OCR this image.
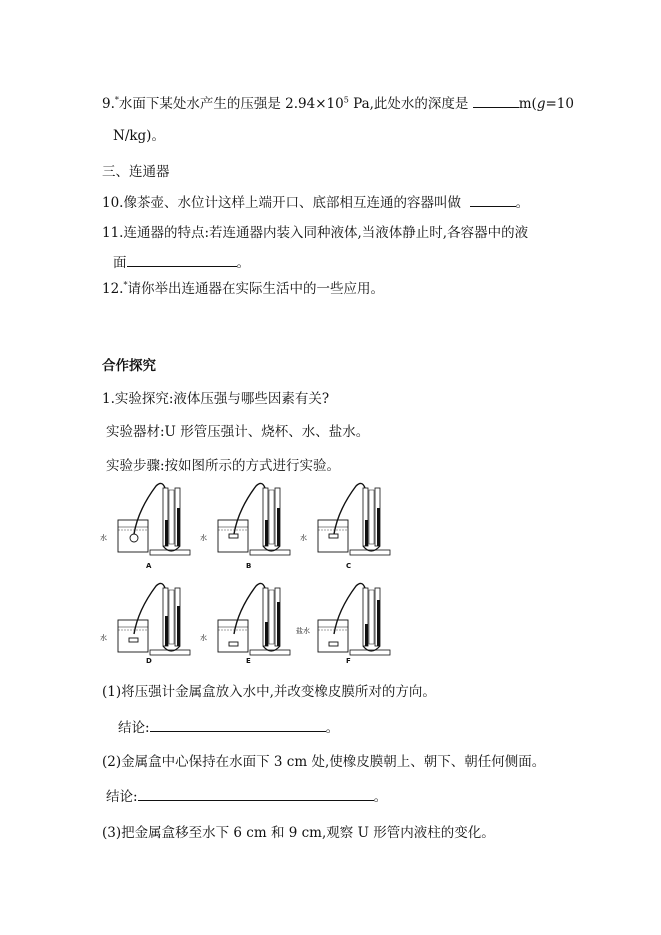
9.*水面下某处水产生的压强是 $2.94\times 10^5$ Pa,此处水的深度是	m(g=10
N/kg)。
三、连通器
10.像茶壶、水位计这样上端开口、底部相互连通的容器叫做	。
11.连通器的特点:若连通器内装入同种液体,当液体静止时,各容器中的液
面	。
12.*请你举出连通器在实际生活中的一些应用。
合作探究
1.实验探究:液体压强与哪些因素有关?
实验器材:U 形管压强计、烧杯、水、盐水。
实验步骤:按如图所示的方式进行实验。
水
A
水
B
水
C
水
D
水
E
盐水
F
(1)将压强计金属盒放入水中,并改变橡皮膜所对的方向。
结论:	。
(2)金属盒中心保持在水面下 3 cm 处,使橡皮膜朝上、朝下、朝任何侧面。
结论:	。
(3)把金属盒移至水下 6 cm 和 9 cm,观察 U 形管内液柱的变化。
